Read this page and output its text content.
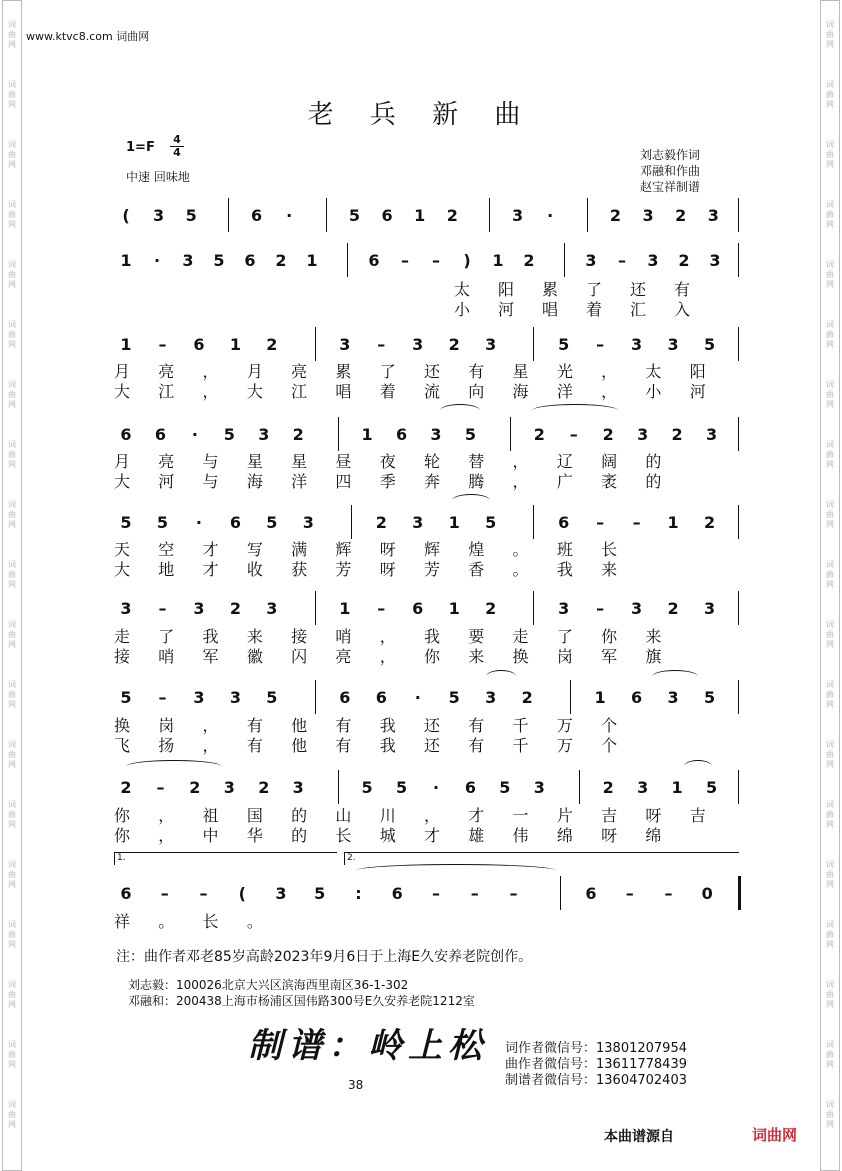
词
曲
网
词
曲
网
词
曲
网
词
曲
网
词
曲
网
词
曲
网
词
曲
网
词
曲
网
词
曲
网
词
曲
网
词
曲
网
词
曲
网
词
曲
网
词
曲
网
词
曲
网
词
曲
网
词
曲
网
词
曲
网
词
曲
网
词
曲
网
词
曲
网
词
曲
网
词
曲
网
词
曲
网
词
曲
网
词
曲
网
词
曲
网
词
曲
网
词
曲
网
词
曲
网
词
曲
网
词
曲
网
词
曲
网
词
曲
网
词
曲
网
词
曲
网
词
曲
网
词
曲
网
www.ktvc8.com 词曲网
老 兵 新 曲
$1=F \frac{4}{4}$
中速 回味地
刘志毅作词
邓融和作曲
赵宝祥制谱
(	3	5	6	·	5	6	1	2	3	·	2	3	2	3
1	·	3	5	6	2	1	6	–	–	)	1	2	3	–	3	2	3
1	–	6	1	2	3	–	3	2	3	5	–	3	3	5
6	6	·	5	3	2	1	6	3	5	2	–	2	3	2	3
5	5	·	6	5	3	2	3	1	5	6	–	–	1	2
3	–	3	2	3	1	–	6	1	2	3	–	3	2	3
5	–	3	3	5	6	6	·	5	3	2	1	6	3	5
2	–	2	3	2	3	5	5	·	6	5	3	2	3	1	5
6	–	–	(	3	5	:	6	–	–	–	6	–	–	0
太 阳 累 了 还 有
小 河 唱 着 汇 入
月 亮 ， 月 亮 累 了 还 有 星 光 ， 太 阳
大 江 ， 大 江 唱 着 流 向 海 洋 ， 小 河
月 亮 与 星 星 昼 夜 轮 替 ， 辽 阔 的
大 河 与 海 洋 四 季 奔 腾 ， 广 袤 的
天 空 才 写 满 辉 呀 辉 煌 。 班 长
大 地 才 收 获 芳 呀 芳 香 。 我 来
走 了 我 来 接 哨 ， 我 要 走 了 你 来
接 哨 军 徽 闪 亮 ， 你 来 换 岗 军 旗
换 岗 ， 有 他 有 我 还 有 千 万 个
飞 扬 ， 有 他 有 我 还 有 千 万 个
你 ， 祖 国 的 山 川 ， 才 一 片 吉 呀 吉
你 ， 中 华 的 长 城 才 雄 伟 绵 呀 绵
祥 。 长 。
1.	2.
注：曲作者邓老85岁高龄2023年9月6日于上海E久安养老院创作。
刘志毅：100026北京大兴区滨海西里南区36-1-302
邓融和：200438上海市杨浦区国伟路300号E久安养老院1212室
制谱：岭上松 词作者微信号：13801207954
曲作者微信号：13611778439
制谱者微信号：13604702403
38
本曲谱源自	词曲网
